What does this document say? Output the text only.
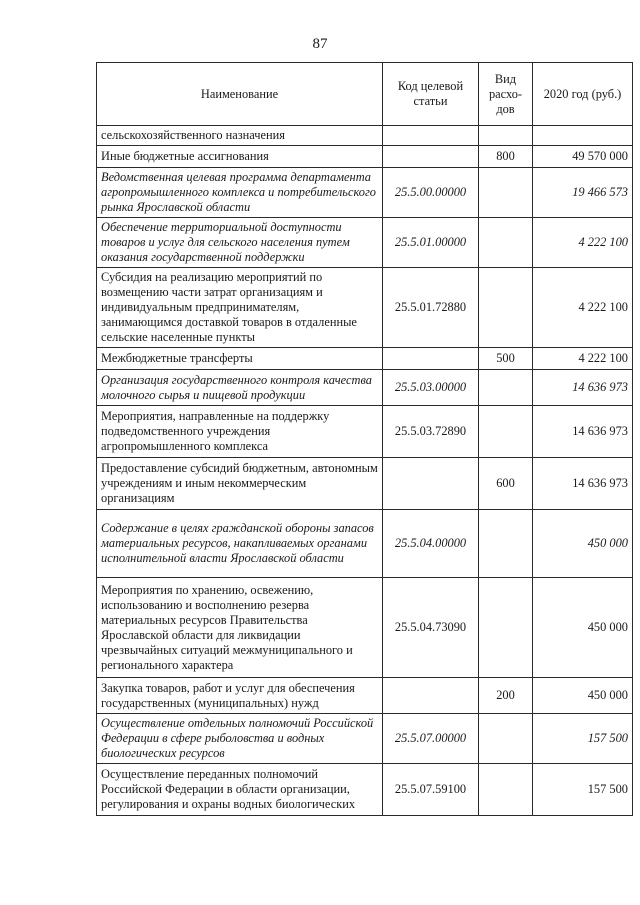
87
Наименование	Код целевой статьи	Вид расхо-дов	2020 год (руб.)
сельскохозяйственного назначения			
Иные бюджетные ассигнования		800	49 570 000
Ведомственная целевая программа департамента агропромышленного комплекса и потребительского рынка Ярославской области	25.5.00.00000		19 466 573
Обеспечение территориальной доступности товаров и услуг для сельского населения путем оказания государственной поддержки	25.5.01.00000		4 222 100
Субсидия на реализацию мероприятий по возмещению части затрат организациям и индивидуальным предпринимателям, занимающимся доставкой товаров в отдаленные сельские населенные пункты	25.5.01.72880		4 222 100
Межбюджетные трансферты		500	4 222 100
Организация государственного контроля качества молочного сырья и пищевой продукции	25.5.03.00000		14 636 973
Мероприятия, направленные на поддержку подведомственного учреждения агропромышленного комплекса	25.5.03.72890		14 636 973
Предоставление субсидий бюджетным, автономным учреждениям и иным некоммерческим организациям		600	14 636 973
Содержание в целях гражданской обороны запасов материальных ресурсов, накапливаемых органами исполнительной власти Ярославской области	25.5.04.00000		450 000
Мероприятия по хранению, освежению, использованию и восполнению резерва материальных ресурсов Правительства Ярославской области для ликвидации чрезвычайных ситуаций межмуниципального и регионального характера	25.5.04.73090		450 000
Закупка товаров, работ и услуг для обеспечения государственных (муниципальных) нужд		200	450 000
Осуществление отдельных полномочий Российской Федерации в сфере рыболовства и водных биологических ресурсов	25.5.07.00000		157 500
Осуществление переданных полномочий Российской Федерации в области организации, регулирования и охраны водных биологических	25.5.07.59100		157 500
